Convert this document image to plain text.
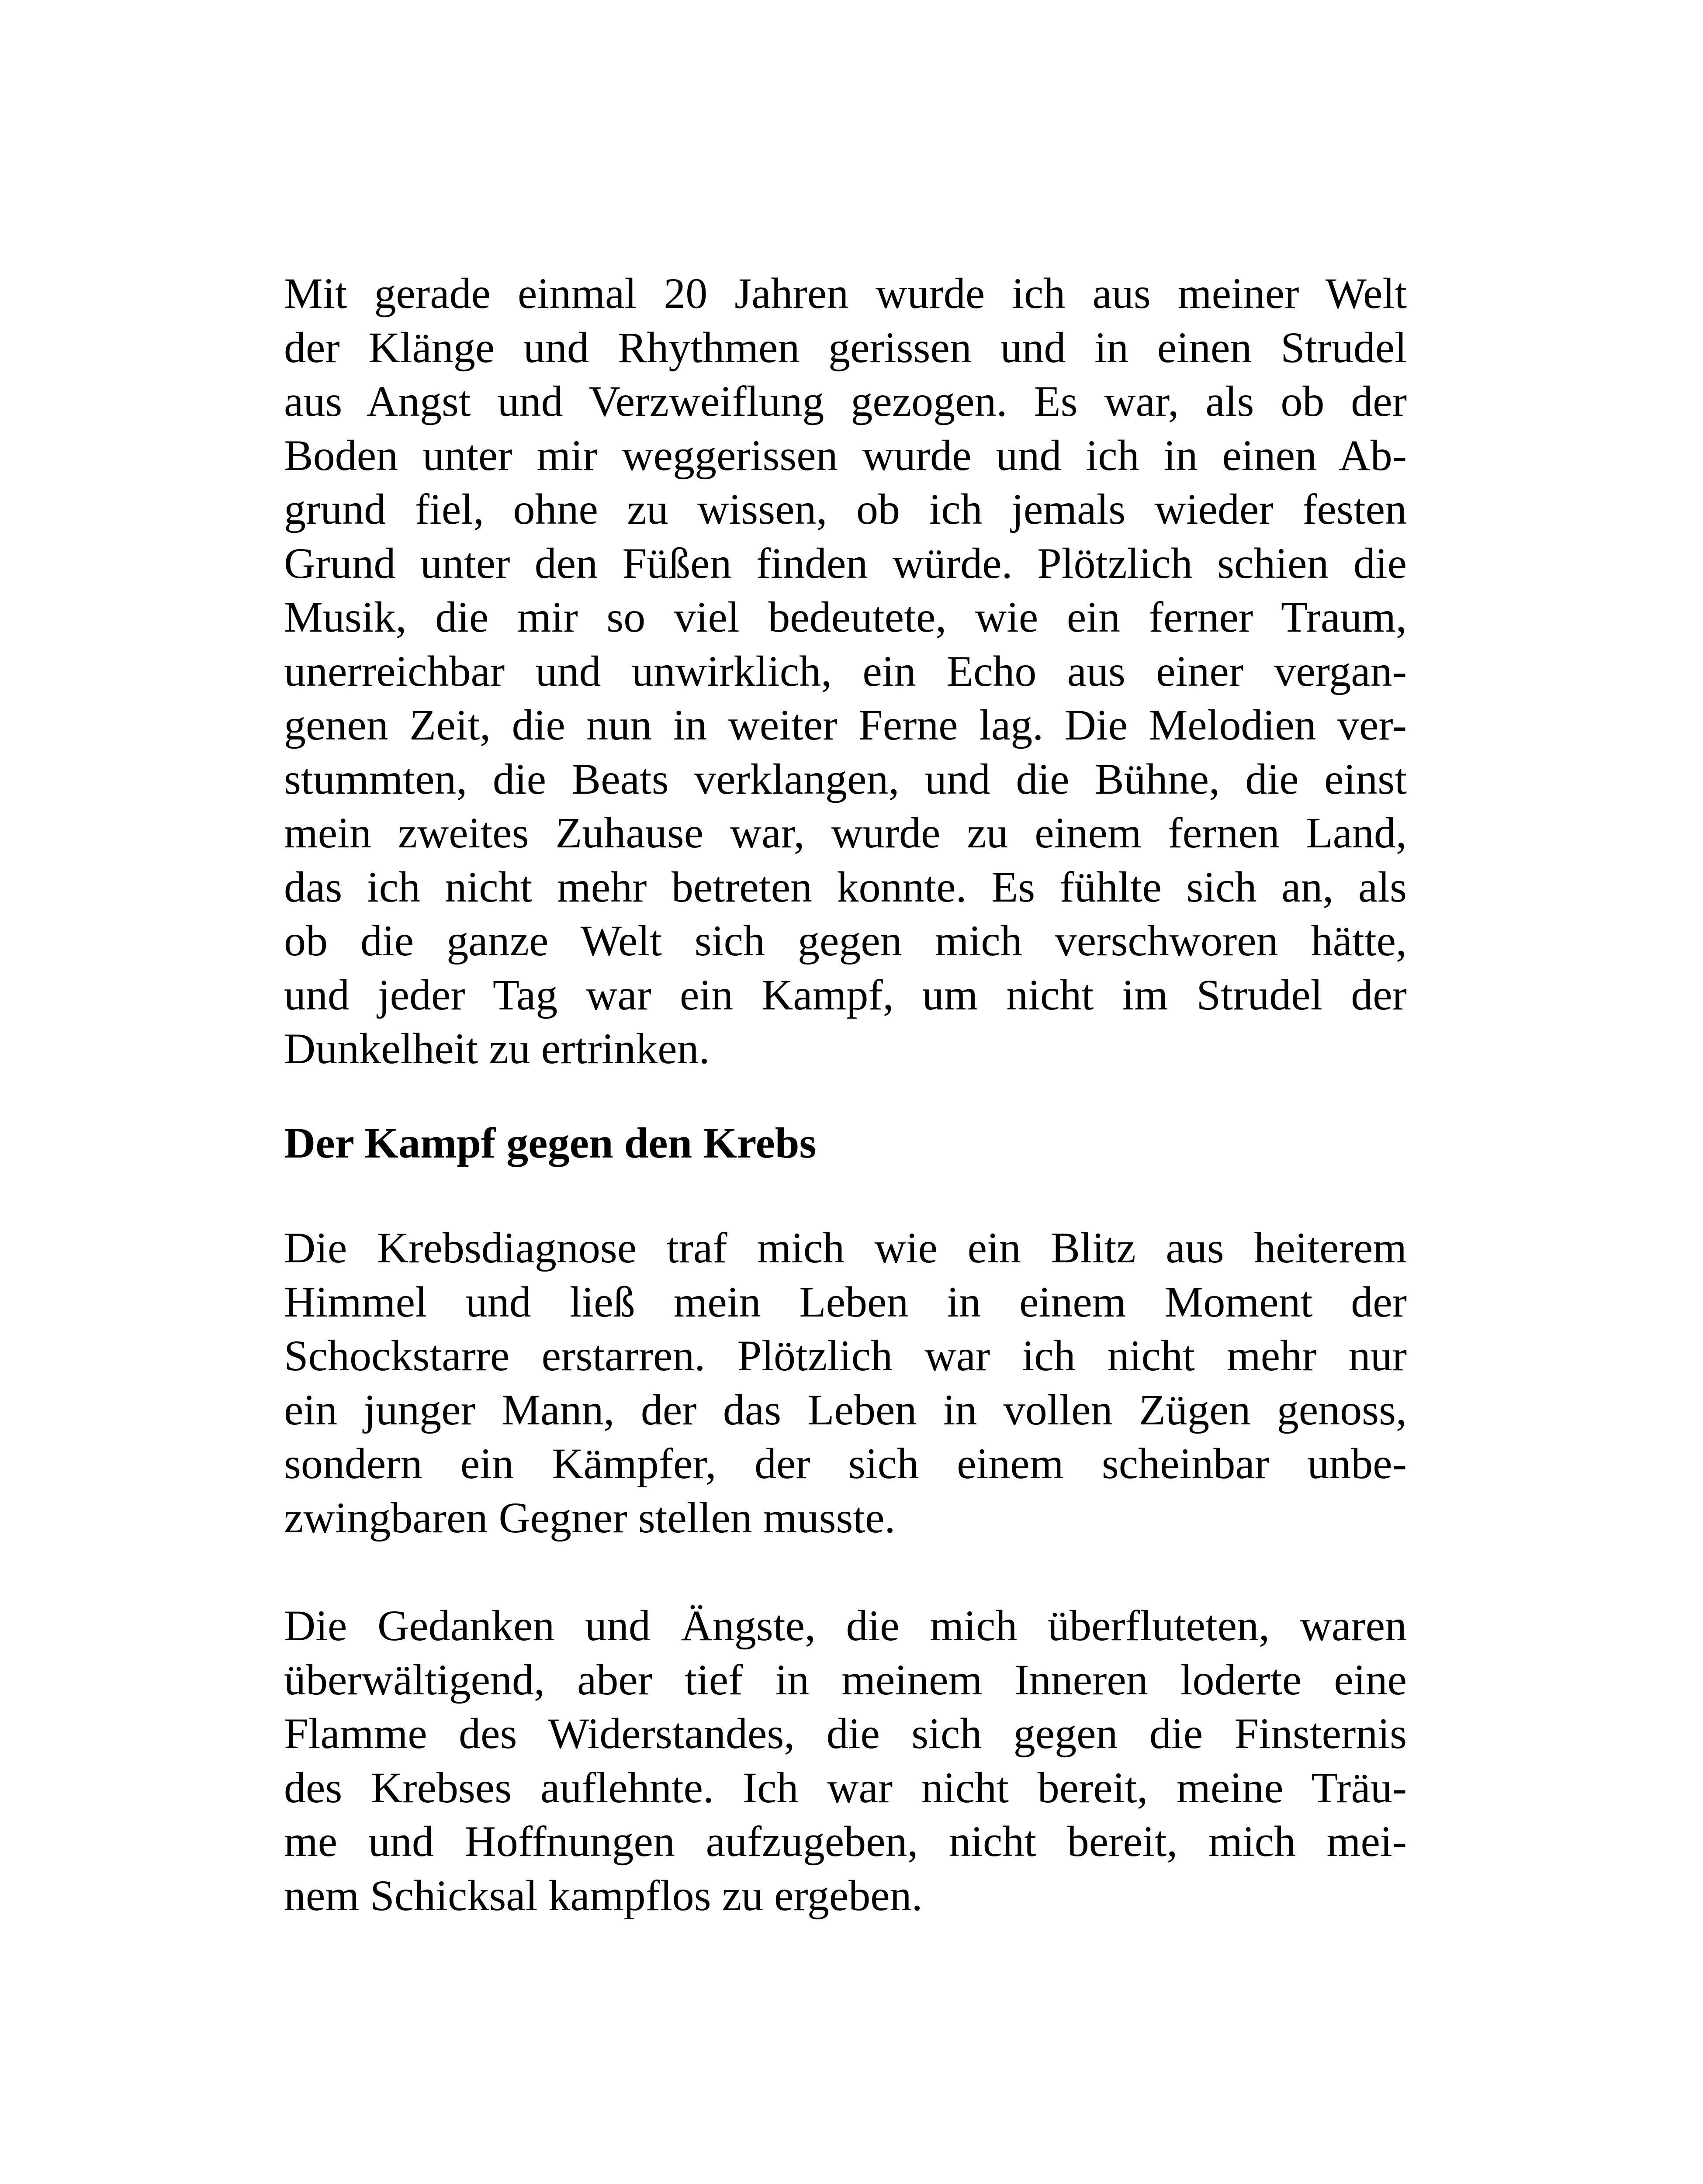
Mit gerade einmal 20 Jahren wurde ich aus meiner Welt
der Klänge und Rhythmen gerissen und in einen Strudel
aus Angst und Verzweiflung gezogen. Es war, als ob der
Boden unter mir weggerissen wurde und ich in einen Ab-
grund fiel, ohne zu wissen, ob ich jemals wieder festen
Grund unter den Füßen finden würde. Plötzlich schien die
Musik, die mir so viel bedeutete, wie ein ferner Traum,
unerreichbar und unwirklich, ein Echo aus einer vergan-
genen Zeit, die nun in weiter Ferne lag. Die Melodien ver-
stummten, die Beats verklangen, und die Bühne, die einst
mein zweites Zuhause war, wurde zu einem fernen Land,
das ich nicht mehr betreten konnte. Es fühlte sich an, als
ob die ganze Welt sich gegen mich verschworen hätte,
und jeder Tag war ein Kampf, um nicht im Strudel der
Dunkelheit zu ertrinken.
Der Kampf gegen den Krebs
Die Krebsdiagnose traf mich wie ein Blitz aus heiterem
Himmel und ließ mein Leben in einem Moment der
Schockstarre erstarren. Plötzlich war ich nicht mehr nur
ein junger Mann, der das Leben in vollen Zügen genoss,
sondern ein Kämpfer, der sich einem scheinbar unbe-
zwingbaren Gegner stellen musste.
Die Gedanken und Ängste, die mich überfluteten, waren
überwältigend, aber tief in meinem Inneren loderte eine
Flamme des Widerstandes, die sich gegen die Finsternis
des Krebses auflehnte. Ich war nicht bereit, meine Träu-
me und Hoffnungen aufzugeben, nicht bereit, mich mei-
nem Schicksal kampflos zu ergeben.
